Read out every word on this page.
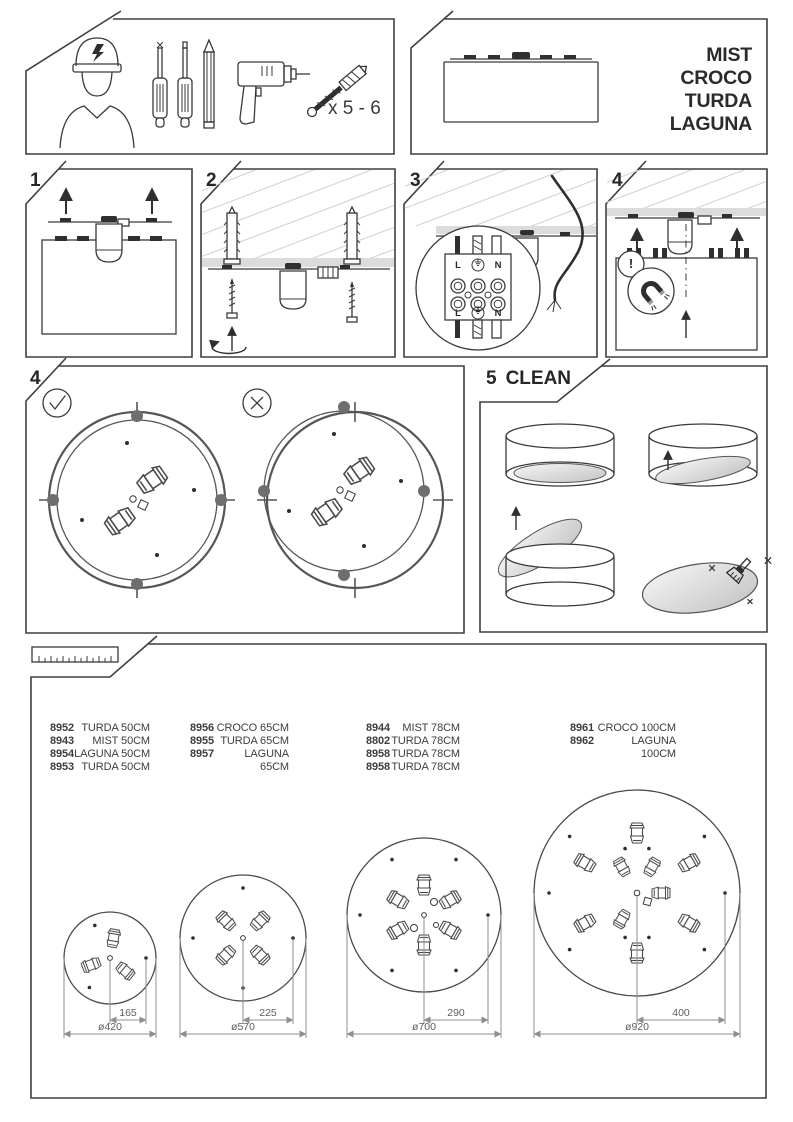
x 5 - 6
MIST
CROCO
TURDA
LAGUNA
1	2	3	4
4	5 CLEAN
!
L	N
L	N
8952 TURDA 50CM
8943 MIST 50CM
8954 LAGUNA 50CM
8953 TURDA 50CM
8956 CROCO 65CM
8955 TURDA 65CM
8957	LAGUNA 65CM
8944 MIST 78CM
8802 TURDA 78CM
8958 TURDA 78CM
8958 TURDA 78CM
8961 CROCO 100CM
8962	LAGUNA 100CM
165	225	290	400
ø420	ø570	ø700	ø920
